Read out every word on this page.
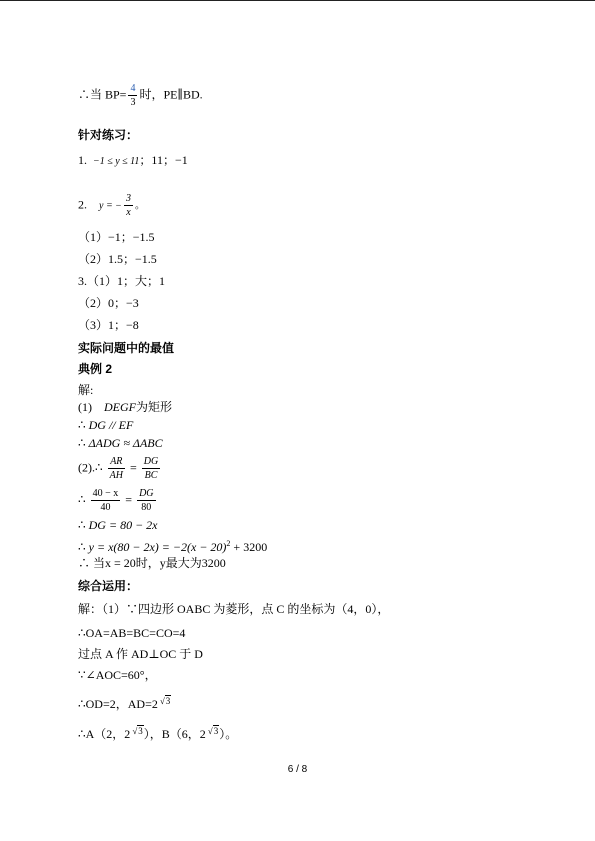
∴当 $BP= \frac{4}{3}$ 时，PE∥BD.
针对练习：
1. −1 ≤ y ≤ 11；11；−1
2. y = − $\frac{3}{x}$ 。
（1）−1；−1.5
（2）1.5；−1.5
3.（1）1；大；1
（2）0；−3
（3）1；−8
实际问题中的最值
典例 2
解:
(1) DEGF为矩形
∴ DG // EF
∴ ΔADG ≈ ΔABC
(2).∴ $\frac{AR}{AH} = \frac{DG}{BC}$
∴ $\frac{40 - x}{40} = \frac{DG}{80}$
∴ DG = 80 − 2x
∴ $y = x(80 - 2x) = -2(x - 20)^2 + 3200$
∴ 当x = 20时，y最大为3200
综合运用：
解：（1）∵四边形 OABC 为菱形，点 C 的坐标为（4，0），
∴OA=AB=BC=CO=4
过点 A 作 AD⊥OC 于 D
∵∠AOC=60°，
∴OD=2，AD=2 √3
∴A（2，2 √3），B（6，2 √3）。
6 / 8
